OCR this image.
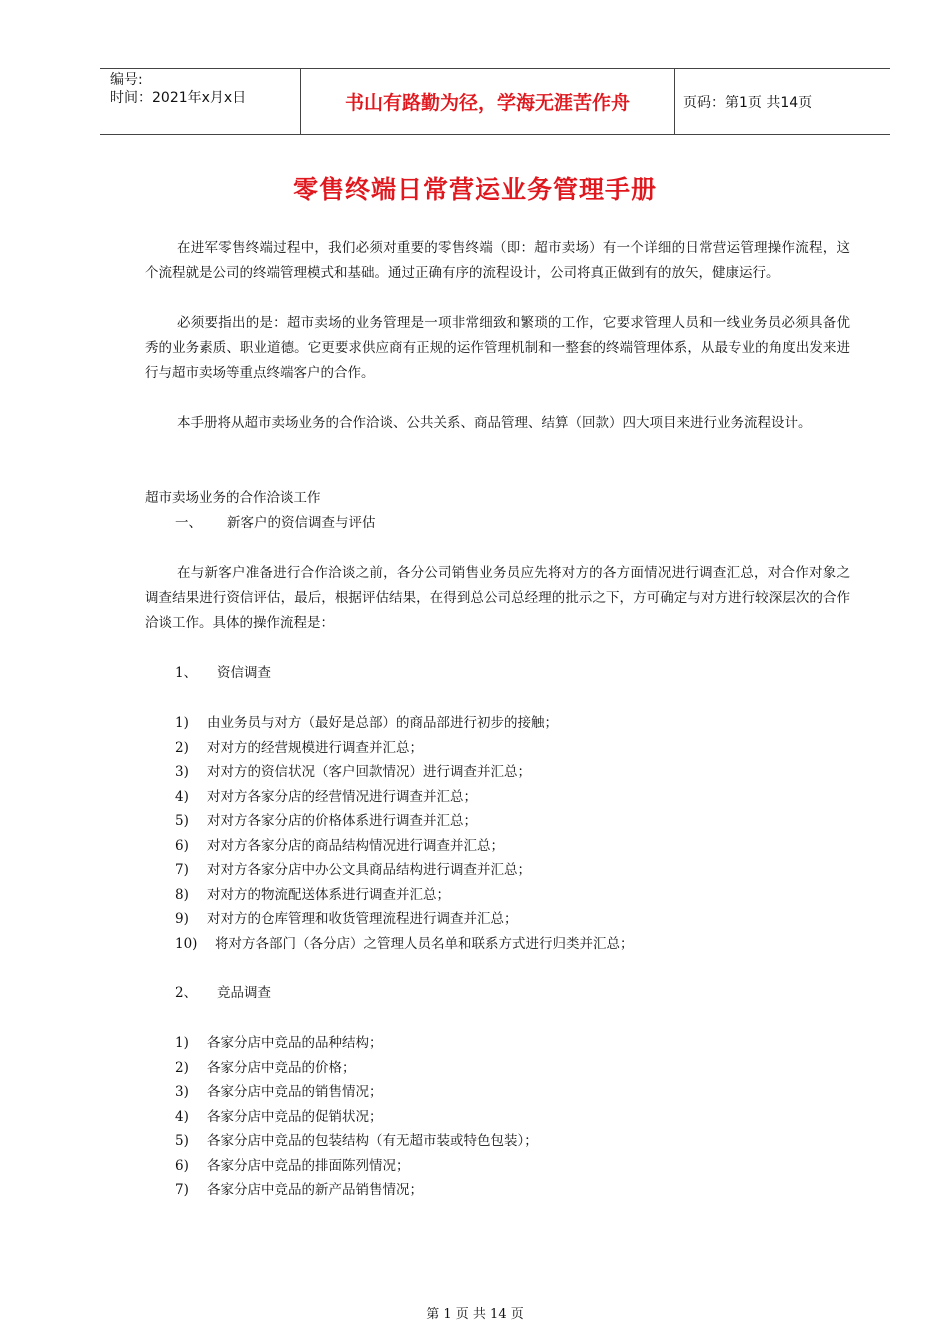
编号:
时间：2021年x月x日	书山有路勤为径，学海无涯苦作舟	页码：第1页 共14页
零售终端日常营运业务管理手册

在进军零售终端过程中，我们必须对重要的零售终端（即：超市卖场）有一个详细的日常营运管理操作流程，这个流程就是公司的终端管理模式和基础。通过正确有序的流程设计，公司将真正做到有的放矢，健康运行。

必须要指出的是：超市卖场的业务管理是一项非常细致和繁琐的工作，它要求管理人员和一线业务员必须具备优秀的业务素质、职业道德。它更要求供应商有正规的运作管理机制和一整套的终端管理体系，从最专业的角度出发来进行与超市卖场等重点终端客户的合作。

本手册将从超市卖场业务的合作洽谈、公共关系、商品管理、结算（回款）四大项目来进行业务流程设计。

超市卖场业务的合作洽谈工作

一、 新客户的资信调查与评估

在与新客户准备进行合作洽谈之前，各分公司销售业务员应先将对方的各方面情况进行调查汇总，对合作对象之调查结果进行资信评估，最后，根据评估结果，在得到总公司总经理的批示之下，方可确定与对方进行较深层次的合作洽谈工作。具体的操作流程是：

1、 资信调查

1) 由业务员与对方（最好是总部）的商品部进行初步的接触；
2) 对对方的经营规模进行调查并汇总；
3) 对对方的资信状况（客户回款情况）进行调查并汇总；
4) 对对方各家分店的经营情况进行调查并汇总；
5) 对对方各家分店的价格体系进行调查并汇总；
6) 对对方各家分店的商品结构情况进行调查并汇总；
7) 对对方各家分店中办公文具商品结构进行调查并汇总；
8) 对对方的物流配送体系进行调查并汇总；
9) 对对方的仓库管理和收货管理流程进行调查并汇总；
10) 将对方各部门（各分店）之管理人员名单和联系方式进行归类并汇总；

2、 竞品调查

1) 各家分店中竞品的品种结构；
2) 各家分店中竞品的价格；
3) 各家分店中竞品的销售情况；
4) 各家分店中竞品的促销状况；
5) 各家分店中竞品的包装结构（有无超市装或特色包装）；
6) 各家分店中竞品的排面陈列情况；
7) 各家分店中竞品的新产品销售情况；
第 1 页 共 14 页
